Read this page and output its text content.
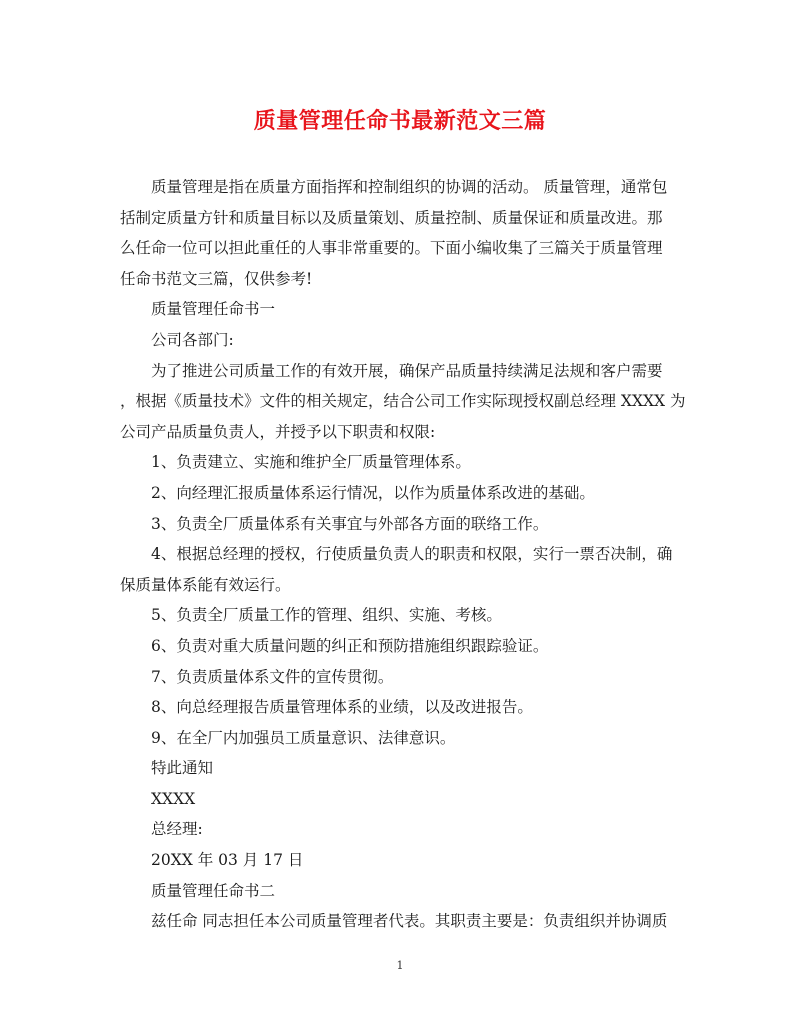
质量管理任命书最新范文三篇

质量管理是指在质量方面指挥和控制组织的协调的活动。 质量管理，通常包
括制定质量方针和质量目标以及质量策划、质量控制、质量保证和质量改进。那
么任命一位可以担此重任的人事非常重要的。下面小编收集了三篇关于质量管理
任命书范文三篇，仅供参考!

质量管理任命书一

公司各部门:

为了推进公司质量工作的有效开展，确保产品质量持续满足法规和客户需要
，根据《质量技术》文件的相关规定，结合公司工作实际现授权副总经理 XXXX 为
公司产品质量负责人，并授予以下职责和权限:

1、负责建立、实施和维护全厂质量管理体系。

2、向经理汇报质量体系运行情况，以作为质量体系改进的基础。

3、负责全厂质量体系有关事宜与外部各方面的联络工作。

4、根据总经理的授权，行使质量负责人的职责和权限，实行一票否决制，确
保质量体系能有效运行。

5、负责全厂质量工作的管理、组织、实施、考核。

6、负责对重大质量问题的纠正和预防措施组织跟踪验证。

7、负责质量体系文件的宣传贯彻。

8、向总经理报告质量管理体系的业绩，以及改进报告。

9、在全厂内加强员工质量意识、法律意识。

特此通知

XXXX

总经理:

20XX 年 03 月 17 日

质量管理任命书二

兹任命 同志担任本公司质量管理者代表。其职责主要是：负责组织并协调质

1
